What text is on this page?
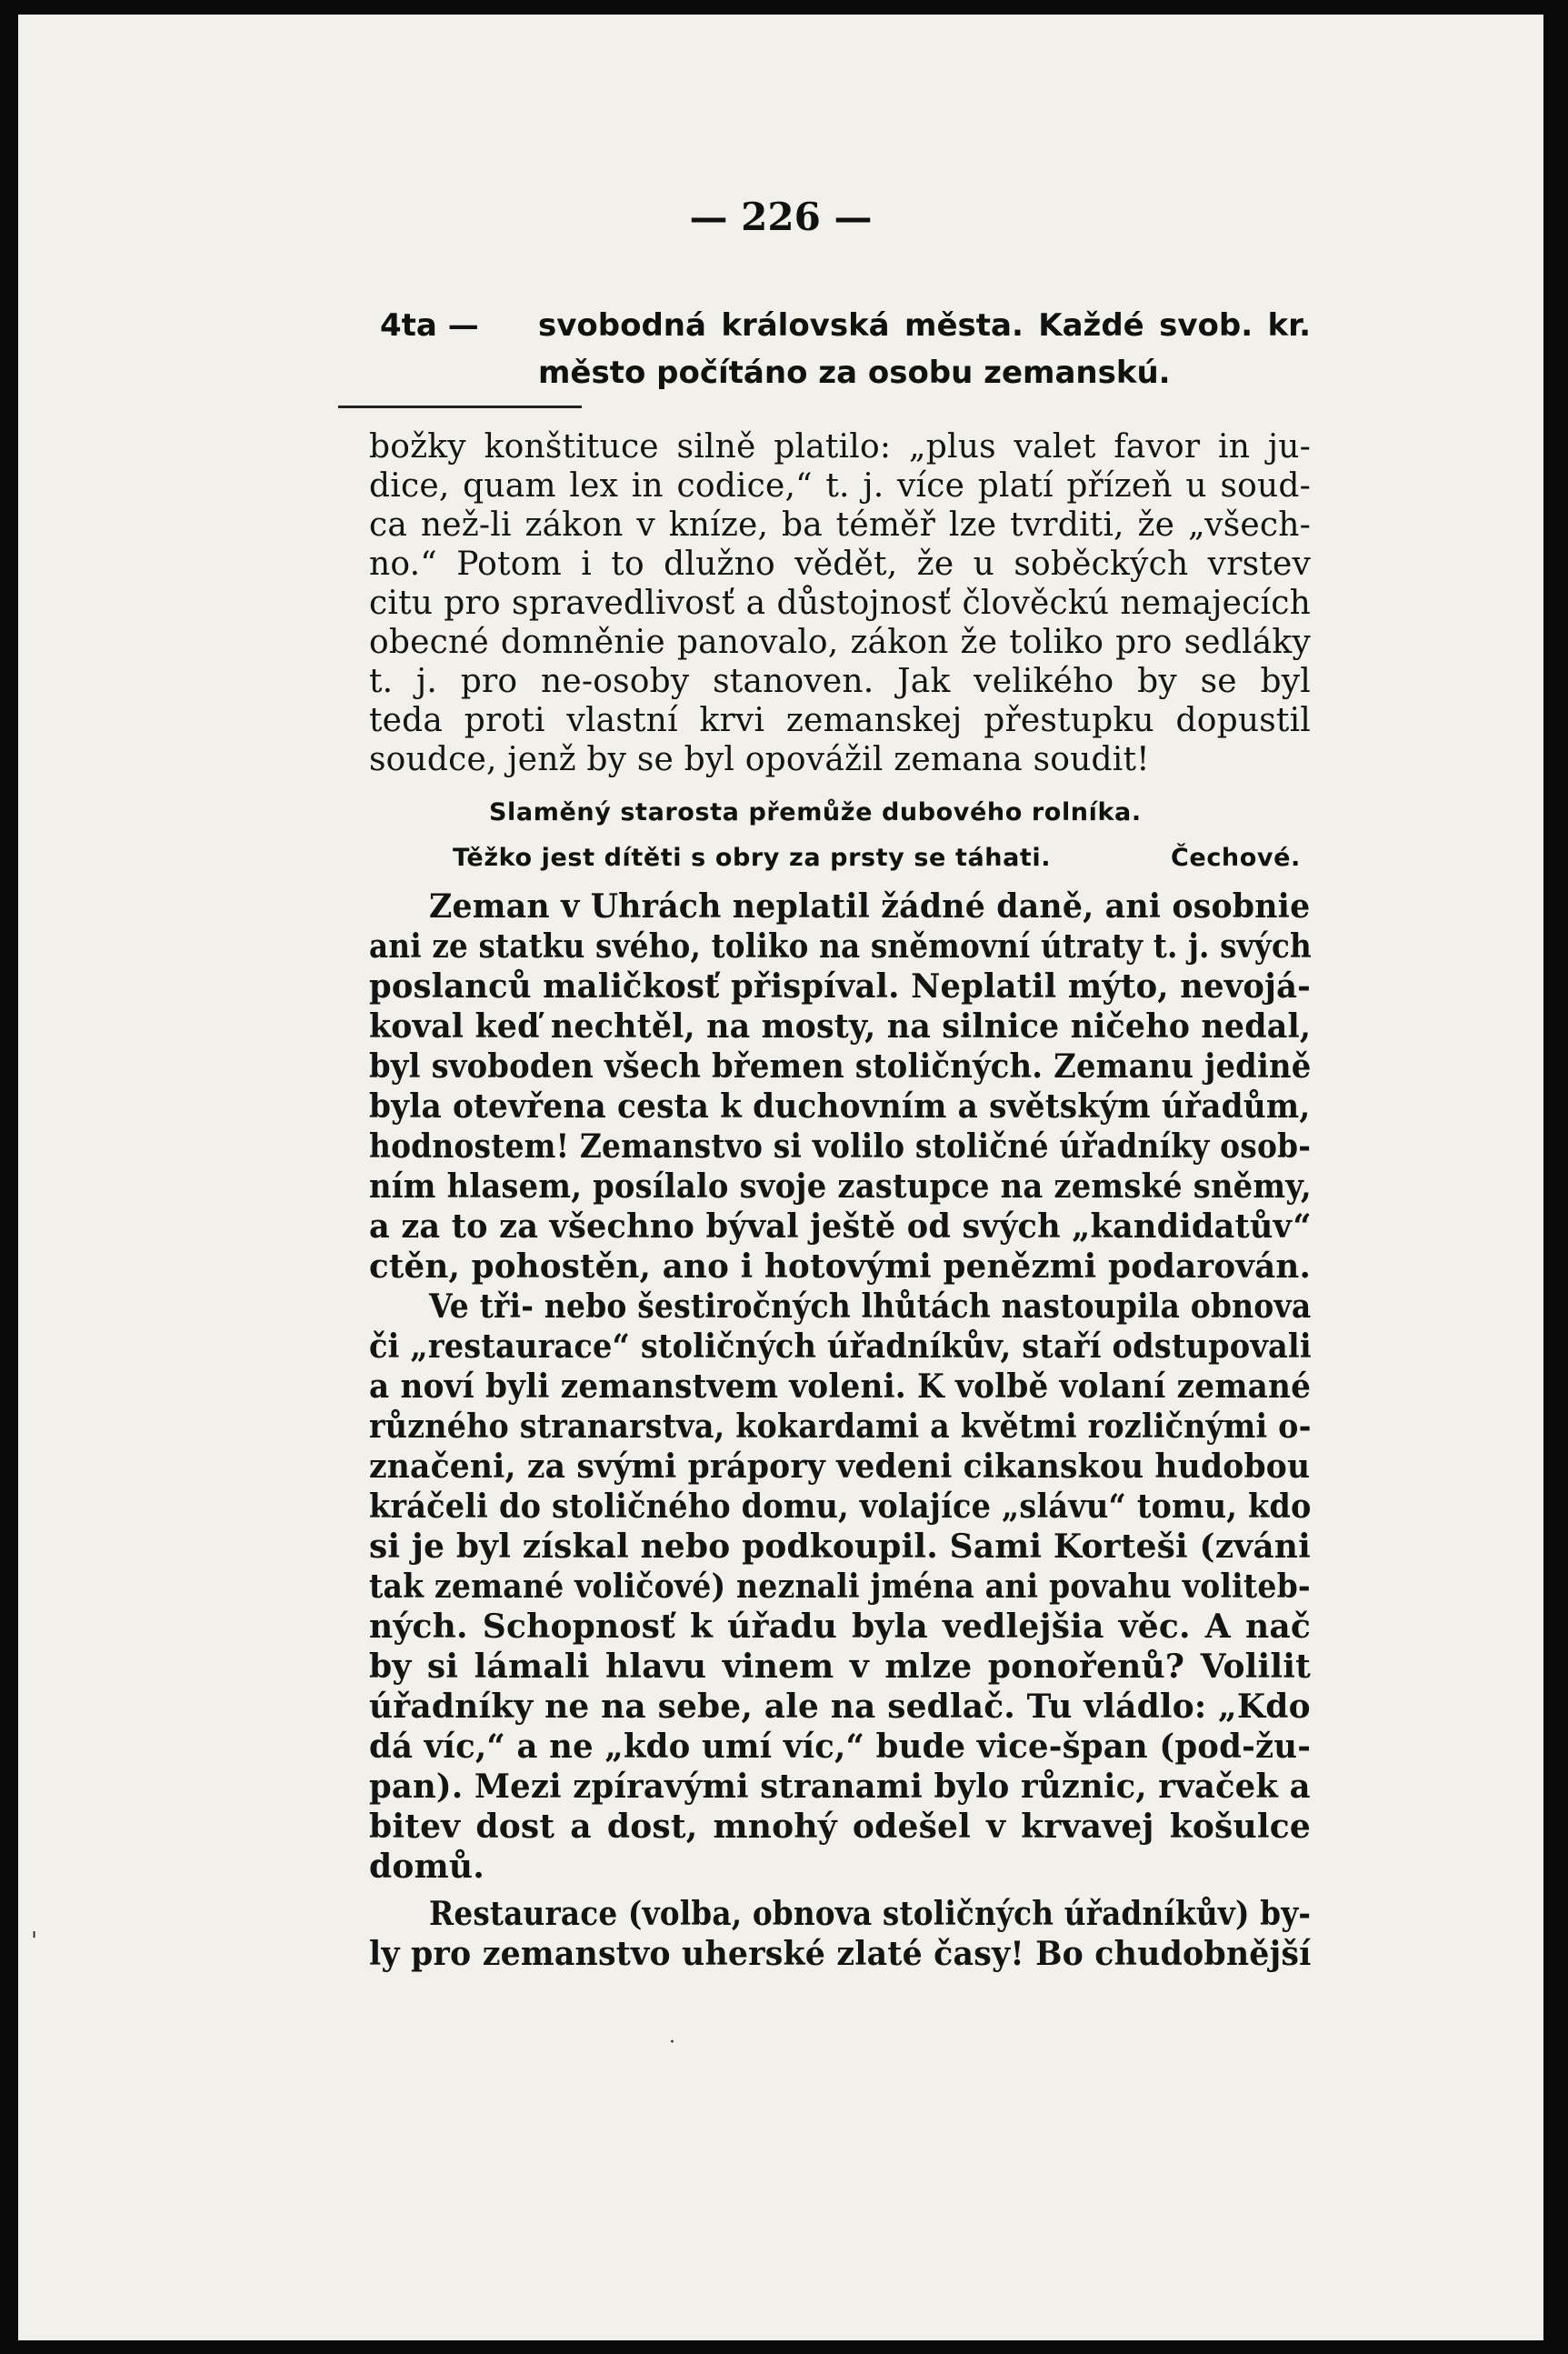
— 226 —
4ta — svobodná královská města. Každé svob. kr.
město počítáno za osobu zemanskú.
božky konštituce silně platilo: „plus valet favor in ju-
dice, quam lex in codice,“ t. j. více platí přízeň u soud-
ca než-li zákon v kníze, ba téměř lze tvrditi, že „všech-
no.“ Potom i to dlužno vědět, že u soběckých vrstev
citu pro spravedlivosť a důstojnosť člověckú nemajecích
obecné domněnie panovalo, zákon že toliko pro sedláky
t. j. pro ne-osoby stanoven. Jak velikého by se byl
teda proti vlastní krvi zemanskej přestupku dopustil
soudce, jenž by se byl opovážil zemana soudit!
Slaměný starosta přemůže dubového rolníka.
Těžko jest dítěti s obry za prsty se táhati.	Čechové.
Zeman v Uhrách neplatil žádné daně, ani osobnie
ani ze statku svého, toliko na sněmovní útraty t. j. svých
poslanců maličkosť přispíval. Neplatil mýto, nevojá-
koval keď nechtěl, na mosty, na silnice ničeho nedal,
byl svoboden všech břemen stoličných. Zemanu jedině
byla otevřena cesta k duchovním a světským úřadům,
hodnostem! Zemanstvo si volilo stoličné úřadníky osob-
ním hlasem, posílalo svoje zastupce na zemské sněmy,
a za to za všechno býval ještě od svých „kandidatův“
ctěn, pohostěn, ano i hotovými penězmi podarován.
Ve tři- nebo šestiročných lhůtách nastoupila obnova
či „restaurace“ stoličných úřadníkův, staří odstupovali
a noví byli zemanstvem voleni. K volbě volaní zemané
různého stranarstva, kokardami a květmi rozličnými o-
značeni, za svými prápory vedeni cikanskou hudobou
kráčeli do stoličného domu, volajíce „slávu“ tomu, kdo
si je byl získal nebo podkoupil. Sami Korteši (zváni
tak zemané voličové) neznali jména ani povahu voliteb-
ných. Schopnosť k úřadu byla vedlejšia věc. A nač
by si lámali hlavu vinem v mlze ponořenů? Volilit
úřadníky ne na sebe, ale na sedlač. Tu vládlo: „Kdo
dá víc,“ a ne „kdo umí víc,“ bude vice-špan (pod-žu-
pan). Mezi zpíravými stranami bylo různic, rvaček a
bitev dost a dost, mnohý odešel v krvavej košulce
domů.
Restaurace (volba, obnova stoličných úřadníkův) by-
ly pro zemanstvo uherské zlaté časy! Bo chudobnější
'
·
